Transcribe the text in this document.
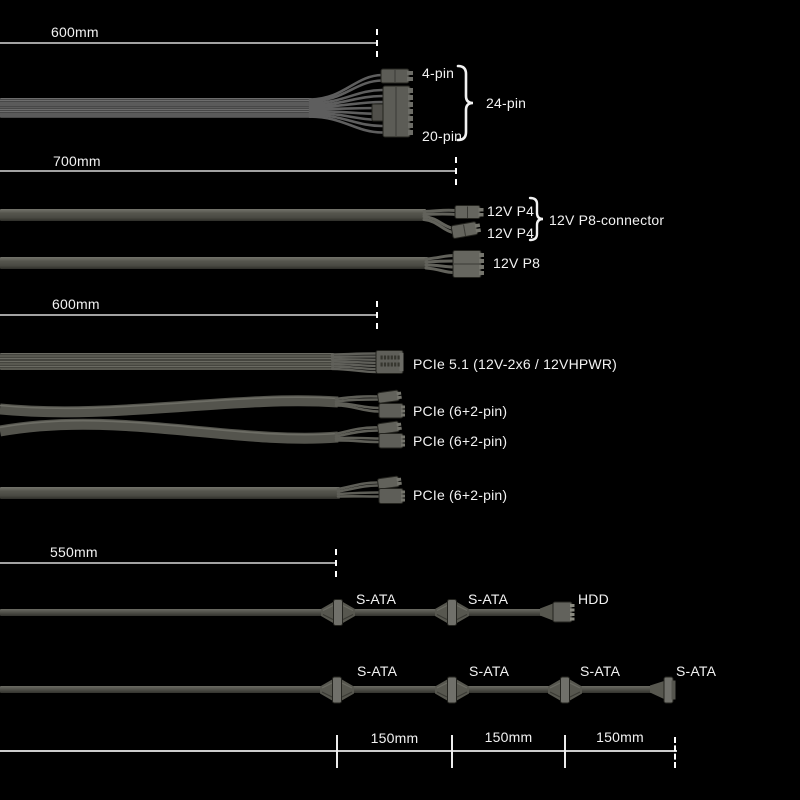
600mm
700mm
600mm
550mm
4-pin
24-pin
20-pin
12V P4
12V P4
12V P8-connector
12V P8
PCIe 5.1 (12V-2x6 / 12VHPWR)
PCIe (6+2-pin)
PCIe (6+2-pin)
PCIe (6+2-pin)
S-ATA	S-ATA	HDD
S-ATA	S-ATA	S-ATA	S-ATA
150mm	150mm	150mm
